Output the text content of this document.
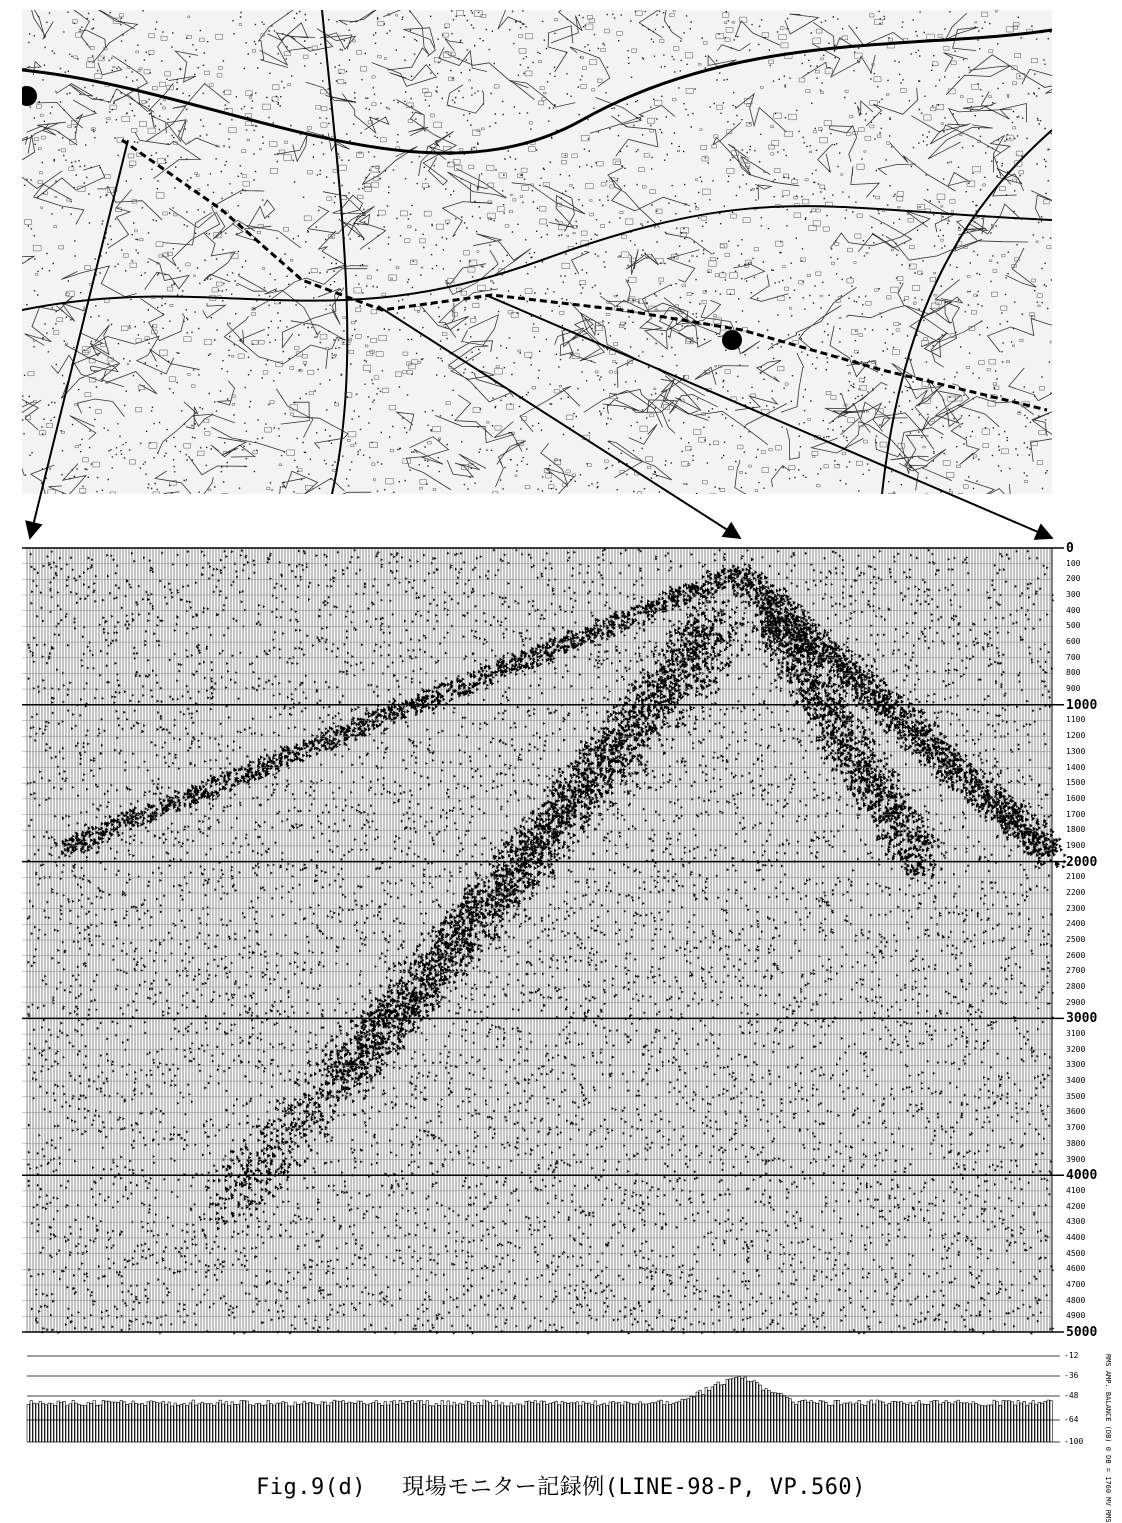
0
1000
2000
3000
4000
5000
100
200
300
400
500
600
700
800
900
1100
1200
1300
1400
1500
1600
1700
1800
1900
2100
2200
2300
2400
2500
2600
2700
2800
2900
3100
3200
3300
3400
3500
3600
3700
3800
3900
4100
4200
4300
4400
4500
4600
4700
4800
4900
-12
-36
-48
-64
-100	RMS AMP. BALANCE (DB) 0 DB = 1760 MV RMS
Fig.9(d)　 現場モニター記録例(LINE-98-P, VP.560)
